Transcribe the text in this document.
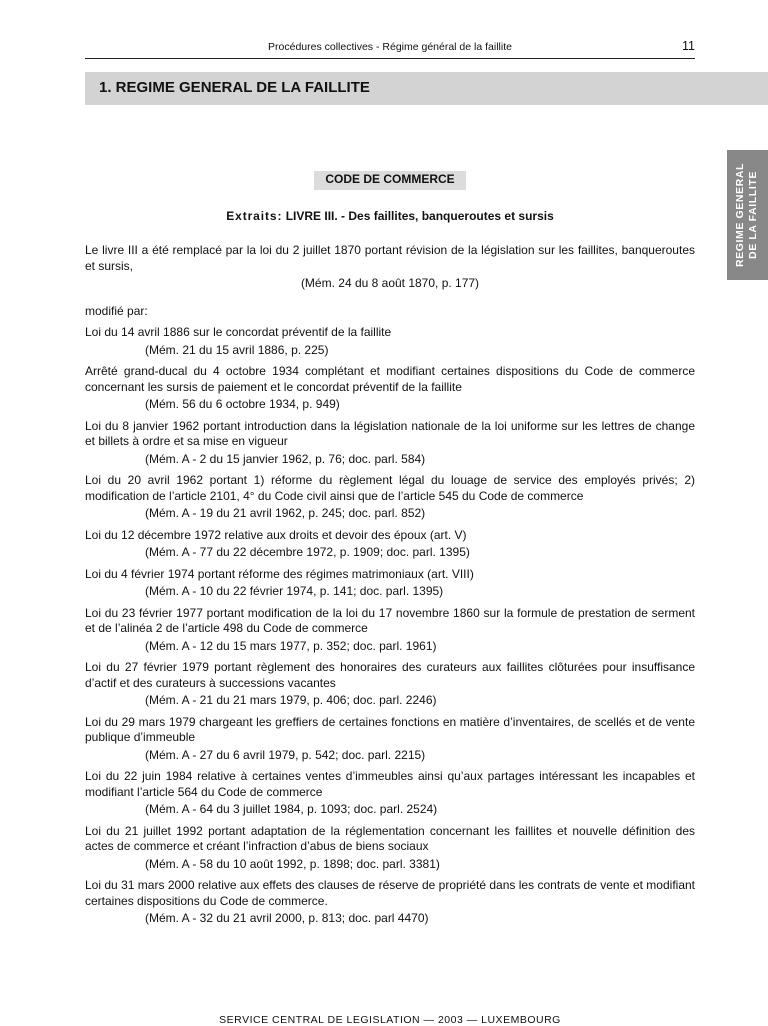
Procédures collectives - Régime général de la faillite	11
1. REGIME GENERAL DE LA FAILLITE
REGIME GENERAL DE LA FAILLITE
CODE DE COMMERCE
Extraits: LIVRE III. - Des faillites, banqueroutes et sursis

Le livre III a été remplacé par la loi du 2 juillet 1870 portant révision de la législation sur les faillites, banqueroutes et sursis,

(Mém. 24 du 8 août 1870, p. 177)

modifié par:

Loi du 14 avril 1886 sur le concordat préventif de la faillite

(Mém. 21 du 15 avril 1886, p. 225)

Arrêté grand-ducal du 4 octobre 1934 complétant et modifiant certaines dispositions du Code de commerce concernant les sursis de paiement et le concordat préventif de la faillite

(Mém. 56 du 6 octobre 1934, p. 949)

Loi du 8 janvier 1962 portant introduction dans la législation nationale de la loi uniforme sur les lettres de change et billets à ordre et sa mise en vigueur

(Mém. A - 2 du 15 janvier 1962, p. 76; doc. parl. 584)

Loi du 20 avril 1962 portant 1) réforme du règlement légal du louage de service des employés privés; 2) modification de l’article 2101, 4° du Code civil ainsi que de l’article 545 du Code de commerce

(Mém. A - 19 du 21 avril 1962, p. 245; doc. parl. 852)

Loi du 12 décembre 1972 relative aux droits et devoir des époux (art. V)

(Mém. A - 77 du 22 décembre 1972, p. 1909; doc. parl. 1395)

Loi du 4 février 1974 portant réforme des régimes matrimoniaux (art. VIII)

(Mém. A - 10 du 22 février 1974, p. 141; doc. parl. 1395)

Loi du 23 février 1977 portant modification de la loi du 17 novembre 1860 sur la formule de prestation de serment et de l’alinéa 2 de l’article 498 du Code de commerce

(Mém. A - 12 du 15 mars 1977, p. 352; doc. parl. 1961)

Loi du 27 février 1979 portant règlement des honoraires des curateurs aux faillites clôturées pour insuffisance d’actif et des curateurs à successions vacantes

(Mém. A - 21 du 21 mars 1979, p. 406; doc. parl. 2246)

Loi du 29 mars 1979 chargeant les greffiers de certaines fonctions en matière d’inventaires, de scellés et de vente publique d’immeuble

(Mém. A - 27 du 6 avril 1979, p. 542; doc. parl. 2215)

Loi du 22 juin 1984 relative à certaines ventes d’immeubles ainsi qu’aux partages intéressant les incapables et modifiant l’article 564 du Code de commerce

(Mém. A - 64 du 3 juillet 1984, p. 1093; doc. parl. 2524)

Loi du 21 juillet 1992 portant adaptation de la réglementation concernant les faillites et nouvelle définition des actes de commerce et créant l’infraction d’abus de biens sociaux

(Mém. A - 58 du 10 août 1992, p. 1898; doc. parl. 3381)

Loi du 31 mars 2000 relative aux effets des clauses de réserve de propriété dans les contrats de vente et modifiant certaines dispositions du Code de commerce.

(Mém. A - 32 du 21 avril 2000, p. 813; doc. parl 4470)

SERVICE CENTRAL DE LEGISLATION — 2003 — LUXEMBOURG
